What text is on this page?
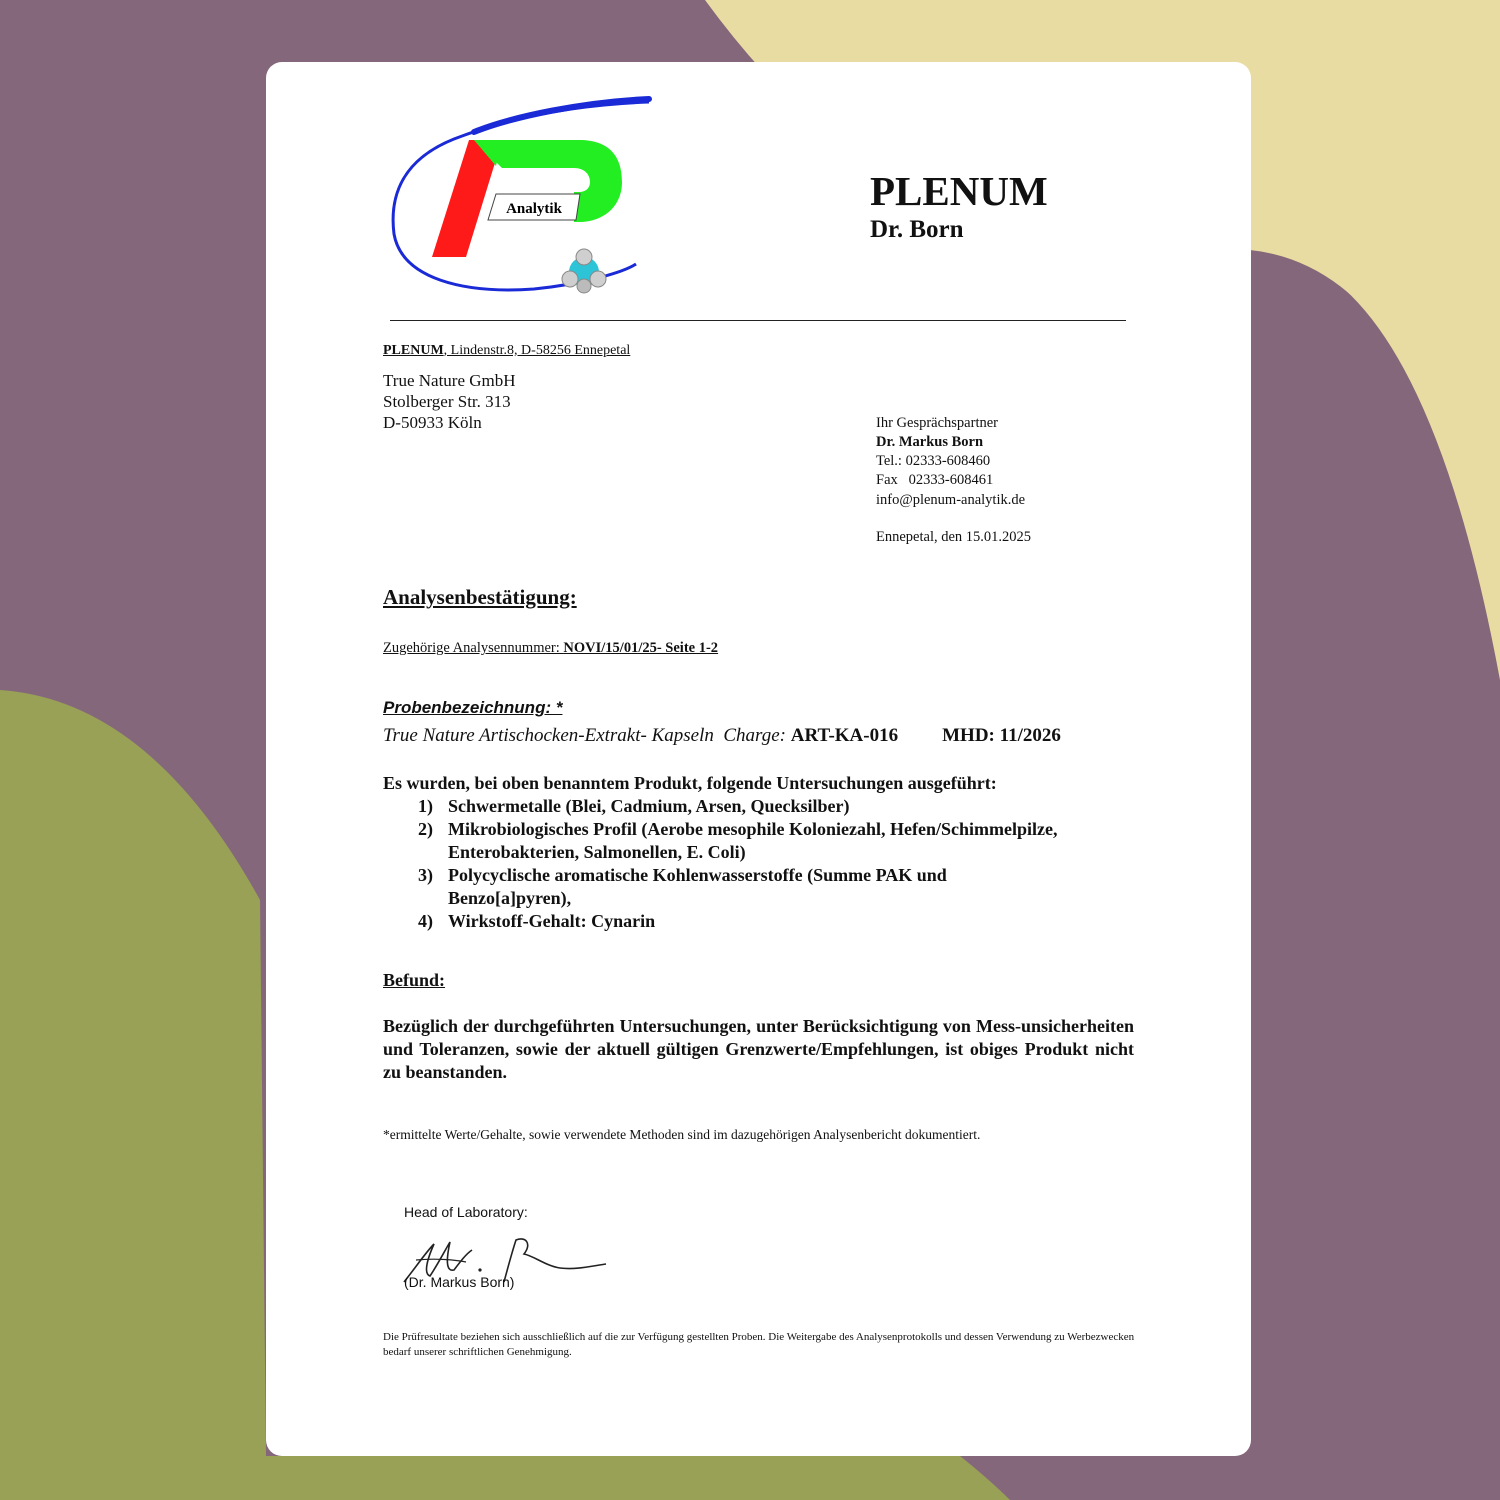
Analytik	PLENUM
Dr. Born
PLENUM, Lindenstr.8, D-58256 Ennepetal
True Nature GmbH
Stolberger Str. 313
D-50933 Köln	Ihr Gesprächspartner
Dr. Markus Born
Tel.: 02333-608460
Fax   02333-608461
info@plenum-analytik.de
Ennepetal, den 15.01.2025
Analysenbestätigung:
Zugehörige Analysennummer: NOVI/15/01/25- Seite 1-2
Probenbezeichnung: *
True Nature Artischocken-Extrakt- Kapseln  Charge: ART-KA-016 MHD: 11/2026
Es wurden, bei oben benanntem Produkt, folgende Untersuchungen ausgeführt:
1) Schwermetalle (Blei, Cadmium, Arsen, Quecksilber)
2) Mikrobiologisches Profil (Aerobe mesophile Koloniezahl, Hefen/Schimmelpilze,
Enterobakterien, Salmonellen, E. Coli)
3) Polycyclische aromatische Kohlenwasserstoffe (Summe PAK und
Benzo[a]pyren),
4) Wirkstoff-Gehalt: Cynarin
Befund:
Bezüglich der durchgeführten Untersuchungen, unter Berücksichtigung von Mess-unsicherheiten und Toleranzen, sowie der aktuell gültigen Grenzwerte/Empfehlungen, ist obiges Produkt nicht zu beanstanden.
*ermittelte Werte/Gehalte, sowie verwendete Methoden sind im dazugehörigen Analysenbericht dokumentiert.
Head of Laboratory:
(Dr. Markus Born)
Die Prüfresultate beziehen sich ausschließlich auf die zur Verfügung gestellten Proben. Die Weitergabe des Analysenprotokolls und dessen Verwendung zu Werbezwecken bedarf unserer schriftlichen Genehmigung.
